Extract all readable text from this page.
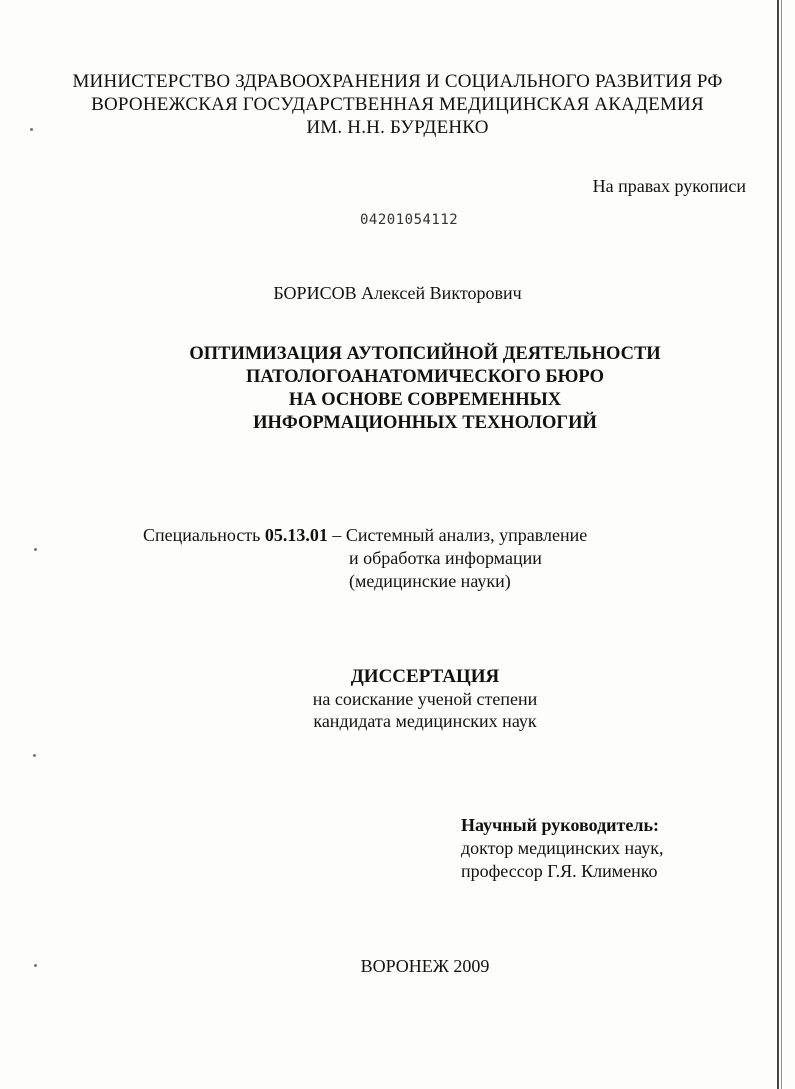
МИНИСТЕРСТВО ЗДРАВООХРАНЕНИЯ И СОЦИАЛЬНОГО РАЗВИТИЯ РФ
ВОРОНЕЖСКАЯ ГОСУДАРСТВЕННАЯ МЕДИЦИНСКАЯ АКАДЕМИЯ
ИМ. Н.Н. БУРДЕНКО
На правах рукописи
04201054112
БОРИСОВ Алексей Викторович
ОПТИМИЗАЦИЯ АУТОПСИЙНОЙ ДЕЯТЕЛЬНОСТИ
ПАТОЛОГОАНАТОМИЧЕСКОГО БЮРО
НА ОСНОВЕ СОВРЕМЕННЫХ
ИНФОРМАЦИОННЫХ ТЕХНОЛОГИЙ
Специальность 05.13.01 – Системный анализ, управление
и обработка информации
(медицинские науки)
ДИССЕРТАЦИЯ
на соискание ученой степени
кандидата медицинских наук
Научный руководитель:
доктор медицинских наук,
профессор Г.Я. Клименко
ВОРОНЕЖ 2009
